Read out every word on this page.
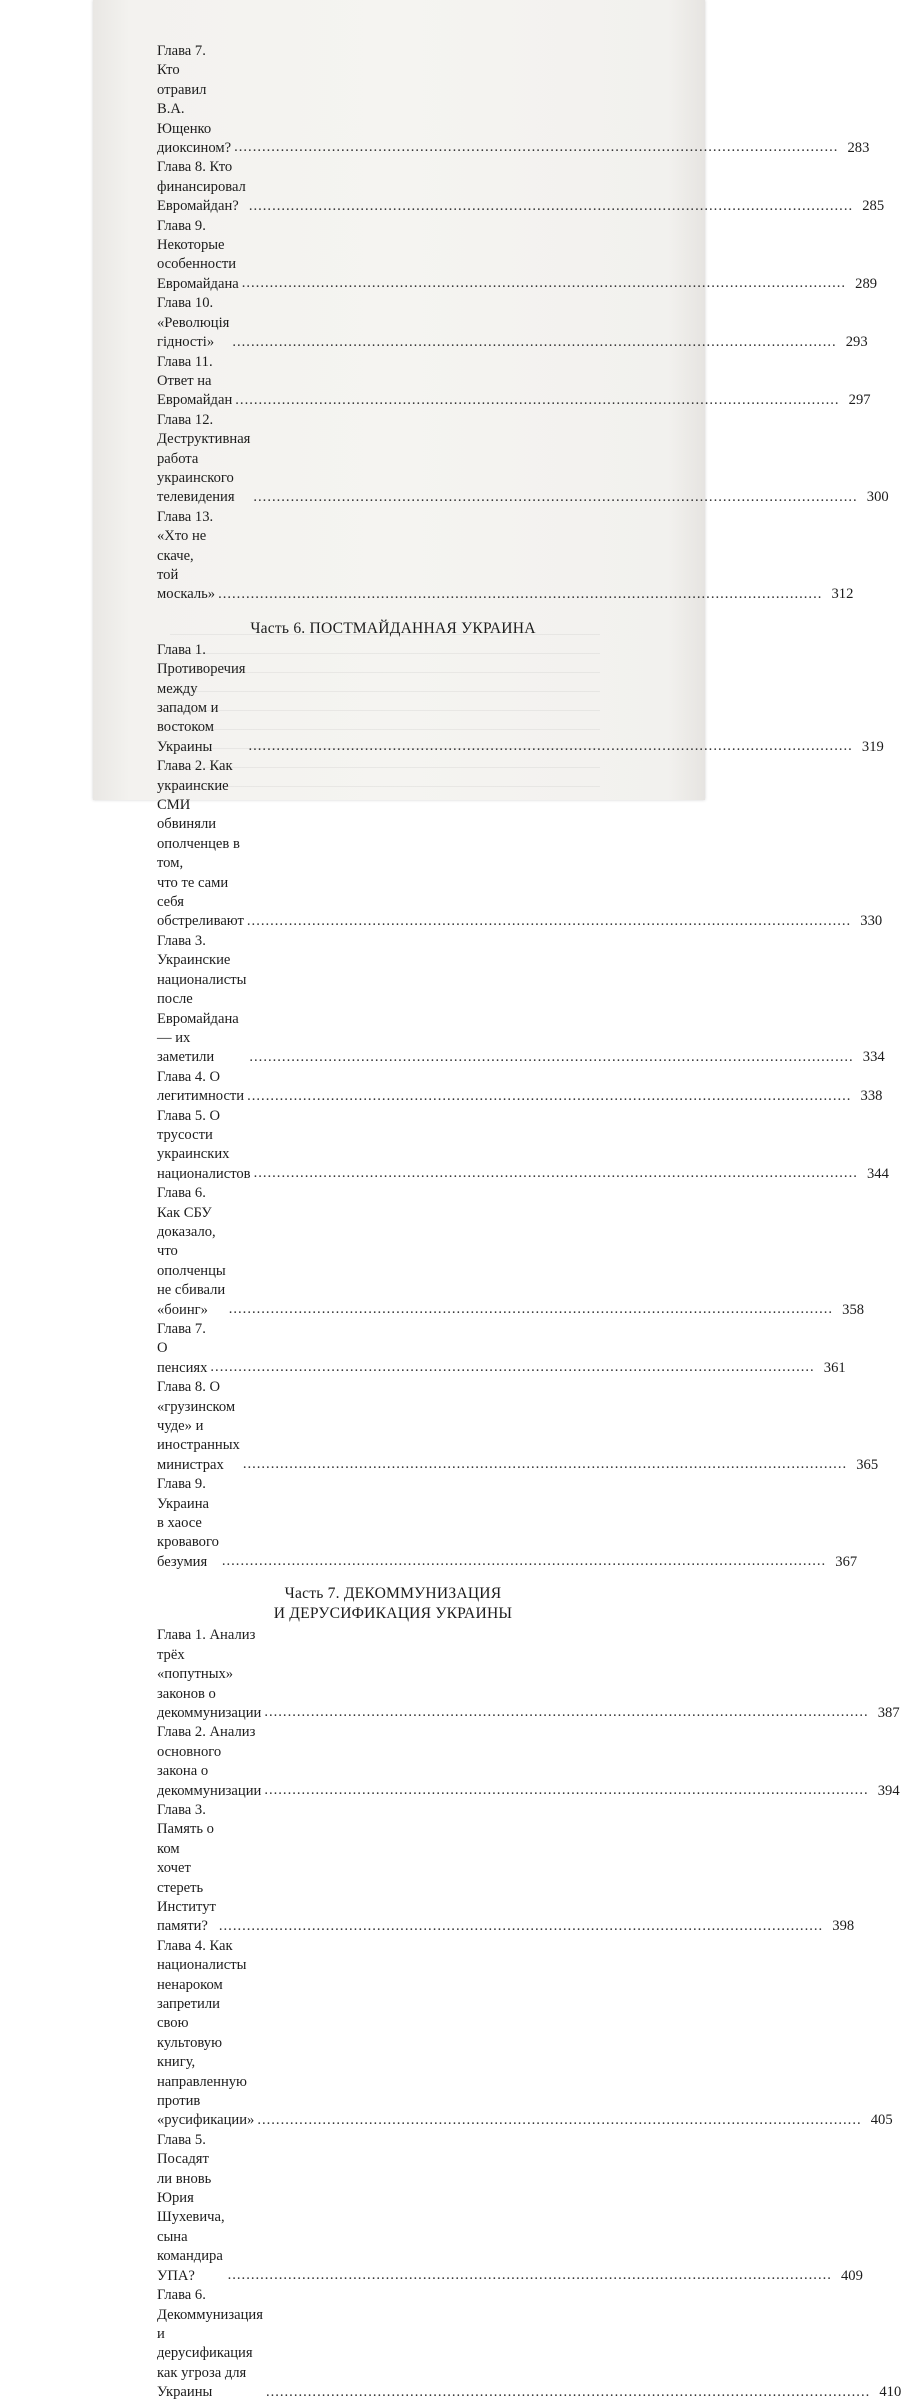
Глава 7. Кто отравил В.А. Ющенко диоксином? .................................................................................................................................. 283
Глава 8. Кто финансировал Евромайдан? .................................................................................................................................. 285
Глава 9. Некоторые особенности Евромайдана .................................................................................................................................. 289
Глава 10. «Революцiя гiдностi»	.................................................................................................................................. 293
Глава 11. Ответ на Евромайдан .................................................................................................................................. 297
Глава 12. Деструктивная работа украинского телевидения	.................................................................................................................................. 300
Глава 13. «Хто не скаче, той москаль» .................................................................................................................................. 312
Часть 6. ПОСТМАЙДАННАЯ УКРАИНА
Глава 1. Противоречия между западом и востоком Украины	.................................................................................................................................. 319
Глава 2. Как украинские СМИ обвиняли ополченцев в том,
что те сами себя обстреливают .................................................................................................................................. 330
Глава 3. Украинские националисты после Евромайдана — их
заметили	.................................................................................................................................. 334
Глава 4. О легитимности .................................................................................................................................. 338
Глава 5. О трусости украинских националистов .................................................................................................................................. 344
Глава 6. Как СБУ доказало, что ополченцы не сбивали «боинг»	.................................................................................................................................. 358
Глава 7. О пенсиях .................................................................................................................................. 361
Глава 8. О «грузинском чуде» и иностранных министрах	.................................................................................................................................. 365
Глава 9. Украина в хаосе кровавого безумия	.................................................................................................................................. 367
Часть 7. ДЕКОММУНИЗАЦИЯ
И ДЕРУСИФИКАЦИЯ УКРАИНЫ
Глава 1. Анализ трёх «попутных» законов о декоммунизации .................................................................................................................................. 387
Глава 2. Анализ основного закона о декоммунизации .................................................................................................................................. 394
Глава 3. Память о ком хочет стереть Институт памяти? .................................................................................................................................. 398
Глава 4. Как националисты ненароком запретили свою
культовую книгу, направленную против «русификации» .................................................................................................................................. 405
Глава 5. Посадят ли вновь Юрия Шухевича, сына командира
УПА?	.................................................................................................................................. 409
Глава 6. Декоммунизация и дерусификация как угроза для
Украины	.................................................................................................................................. 410
